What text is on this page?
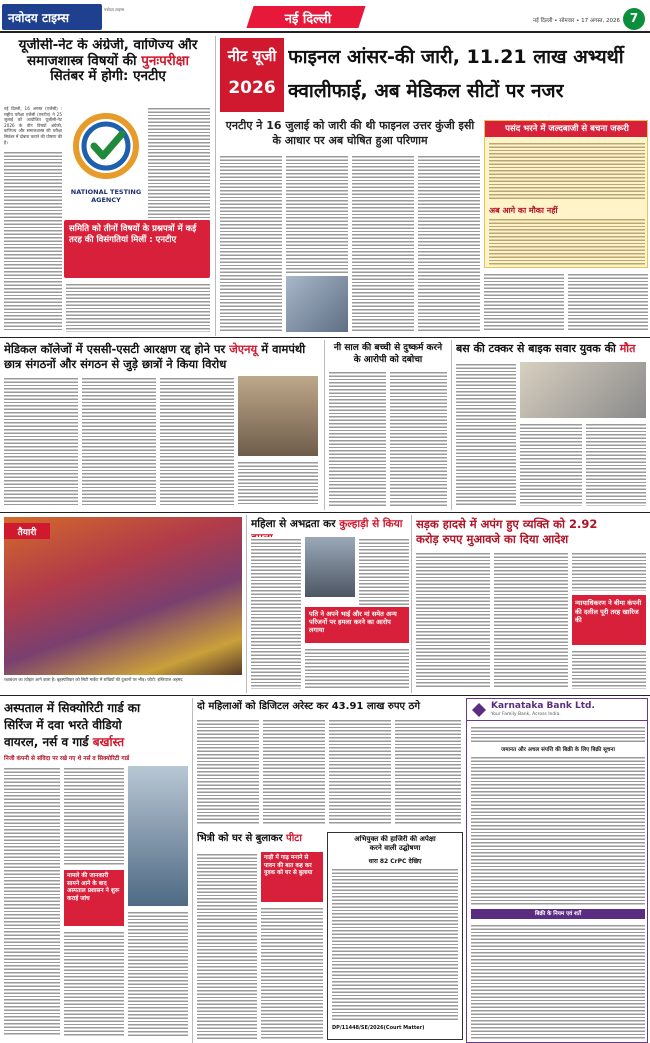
नवोदय टाइम्स
नवोदय टाइम्स
नई दिल्ली	नई दिल्ली • सोमवार • 17 अगस्त, 2026 7
यूजीसी-नेट के अंग्रेजी, वाणिज्य और
समाजशास्त्र विषयों की पुनःपरीक्षा
सितंबर में होगी: एनटीए
नई दिल्ली, 16 अगस्त (एजेंसी) : राष्ट्रीय परीक्षा एजेंसी (एनटीए) ने 25 जुलाई को आयोजित यूजीसी-नेट 2026 के तीन विषयों अंग्रेजी, वाणिज्य और समाजशास्त्र की परीक्षा सितंबर में दोबारा कराने की घोषणा की है।
NATIONAL TESTING AGENCY
समिति को तीनों विषयों के प्रश्नपत्रों में कई तरह की विसंगतियां मिलीं : एनटीए
नीट यूजी
2026
फाइनल आंसर-की जारी, 11.21 लाख अभ्यर्थी
क्वालीफाई, अब मेडिकल सीटों पर नजर
एनटीए ने 16 जुलाई को जारी की थी फाइनल उत्तर कुंजी इसी के आधार पर अब घोषित हुआ परिणाम
पसंद भरने में जल्दबाजी से बचना जरूरी
अब आगे का मौका नहीं
मेडिकल कॉलेजों में एससी-एसटी आरक्षण रद्द होने पर जेएनयू में वामपंथी छात्र संगठनों और संगठन से जुड़े छात्रों ने किया विरोध
नी साल की बच्ची से दुष्कर्म करने के आरोपी को दबोचा
बस की टक्कर से बाइक सवार युवक की मौत
तैयारी
रक्षाबंधन का त्योहार आने वाला है। बृहस्पतिवार को सिटी मार्केट में राखियों की दुकानों पर भीड़। फोटो: इम्तियाज अहमद
महिला से अभद्रता कर कुल्हाड़ी से किया
पति ने अपने भाई और मां समेत अन्य परिजनों पर हमला करने का आरोप लगाया
सड़क हादसे में अपंग हुए व्यक्ति को 2.92
करोड़ रुपए मुआवजे का दिया आदेश
न्यायाधिकरण ने बीमा कंपनी की दलील पूरी तरह खारिज की
अस्पताल में सिक्योरिटी गार्ड का
सिरिंज में दवा भरते वीडियो
वायरल, नर्स व गार्ड बर्खास्त
निजी कंपनी से संविदा पर रखे गए थे नर्स व सिक्योरिटी गार्ड
मामले की जानकारी सामने आने के बाद अस्पताल प्रशासन ने शुरू कराई जांच
दो महिलाओं को डिजिटल अरेस्ट कर 43.91 लाख रुपए ठगे
भित्री को घर से बुलाकर पीटा
गाड़ी में गाढ़ मनाने से पावन की बात कह कर युवक को घर से बुलाया
अभियुक्त की हाजिरी की अपेक्षा
करने वाली उद्घोषणा
धारा 82 CrPC देखिए
DP/11448/SE/2026(Court Matter)
Karnataka Bank Ltd.
Your Family Bank, Across India.
जमानत और अचल संपत्ति की बिक्री के लिए बिक्री सूचना
बिक्री के नियम एवं शर्तें
